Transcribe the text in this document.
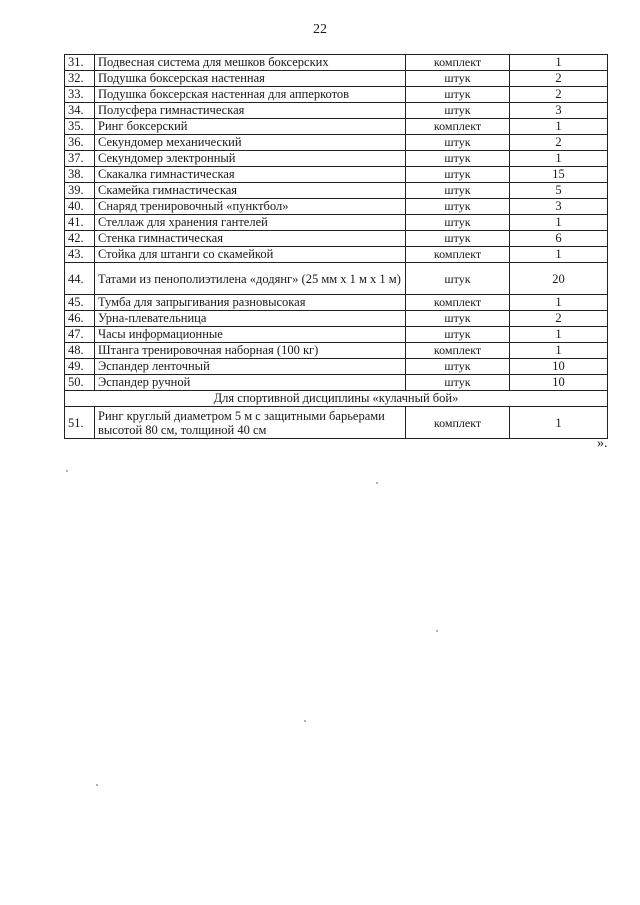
22
31.	Подвесная система для мешков боксерских	комплект	1
32.	Подушка боксерская настенная	штук	2
33.	Подушка боксерская настенная для апперкотов	штук	2
34.	Полусфера гимнастическая	штук	3
35.	Ринг боксерский	комплект	1
36.	Секундомер механический	штук	2
37.	Секундомер электронный	штук	1
38.	Скакалка гимнастическая	штук	15
39.	Скамейка гимнастическая	штук	5
40.	Снаряд тренировочный «пунктбол»	штук	3
41.	Стеллаж для хранения гантелей	штук	1
42.	Стенка гимнастическая	штук	6
43.	Стойка для штанги со скамейкой	комплект	1
44.	Татами из пенополиэтилена «додянг» (25 мм x 1 м x 1 м)	штук	20
45.	Тумба для запрыгивания разновысокая	комплект	1
46.	Урна-плевательница	штук	2
47.	Часы информационные	штук	1
48.	Штанга тренировочная наборная (100 кг)	комплект	1
49.	Эспандер ленточный	штук	10
50.	Эспандер ручной	штук	10
Для спортивной дисциплины «кулачный бой»			
51.	Ринг круглый диаметром 5 м с защитными барьерами высотой 80 см, толщиной 40 см	комплект	1
».
